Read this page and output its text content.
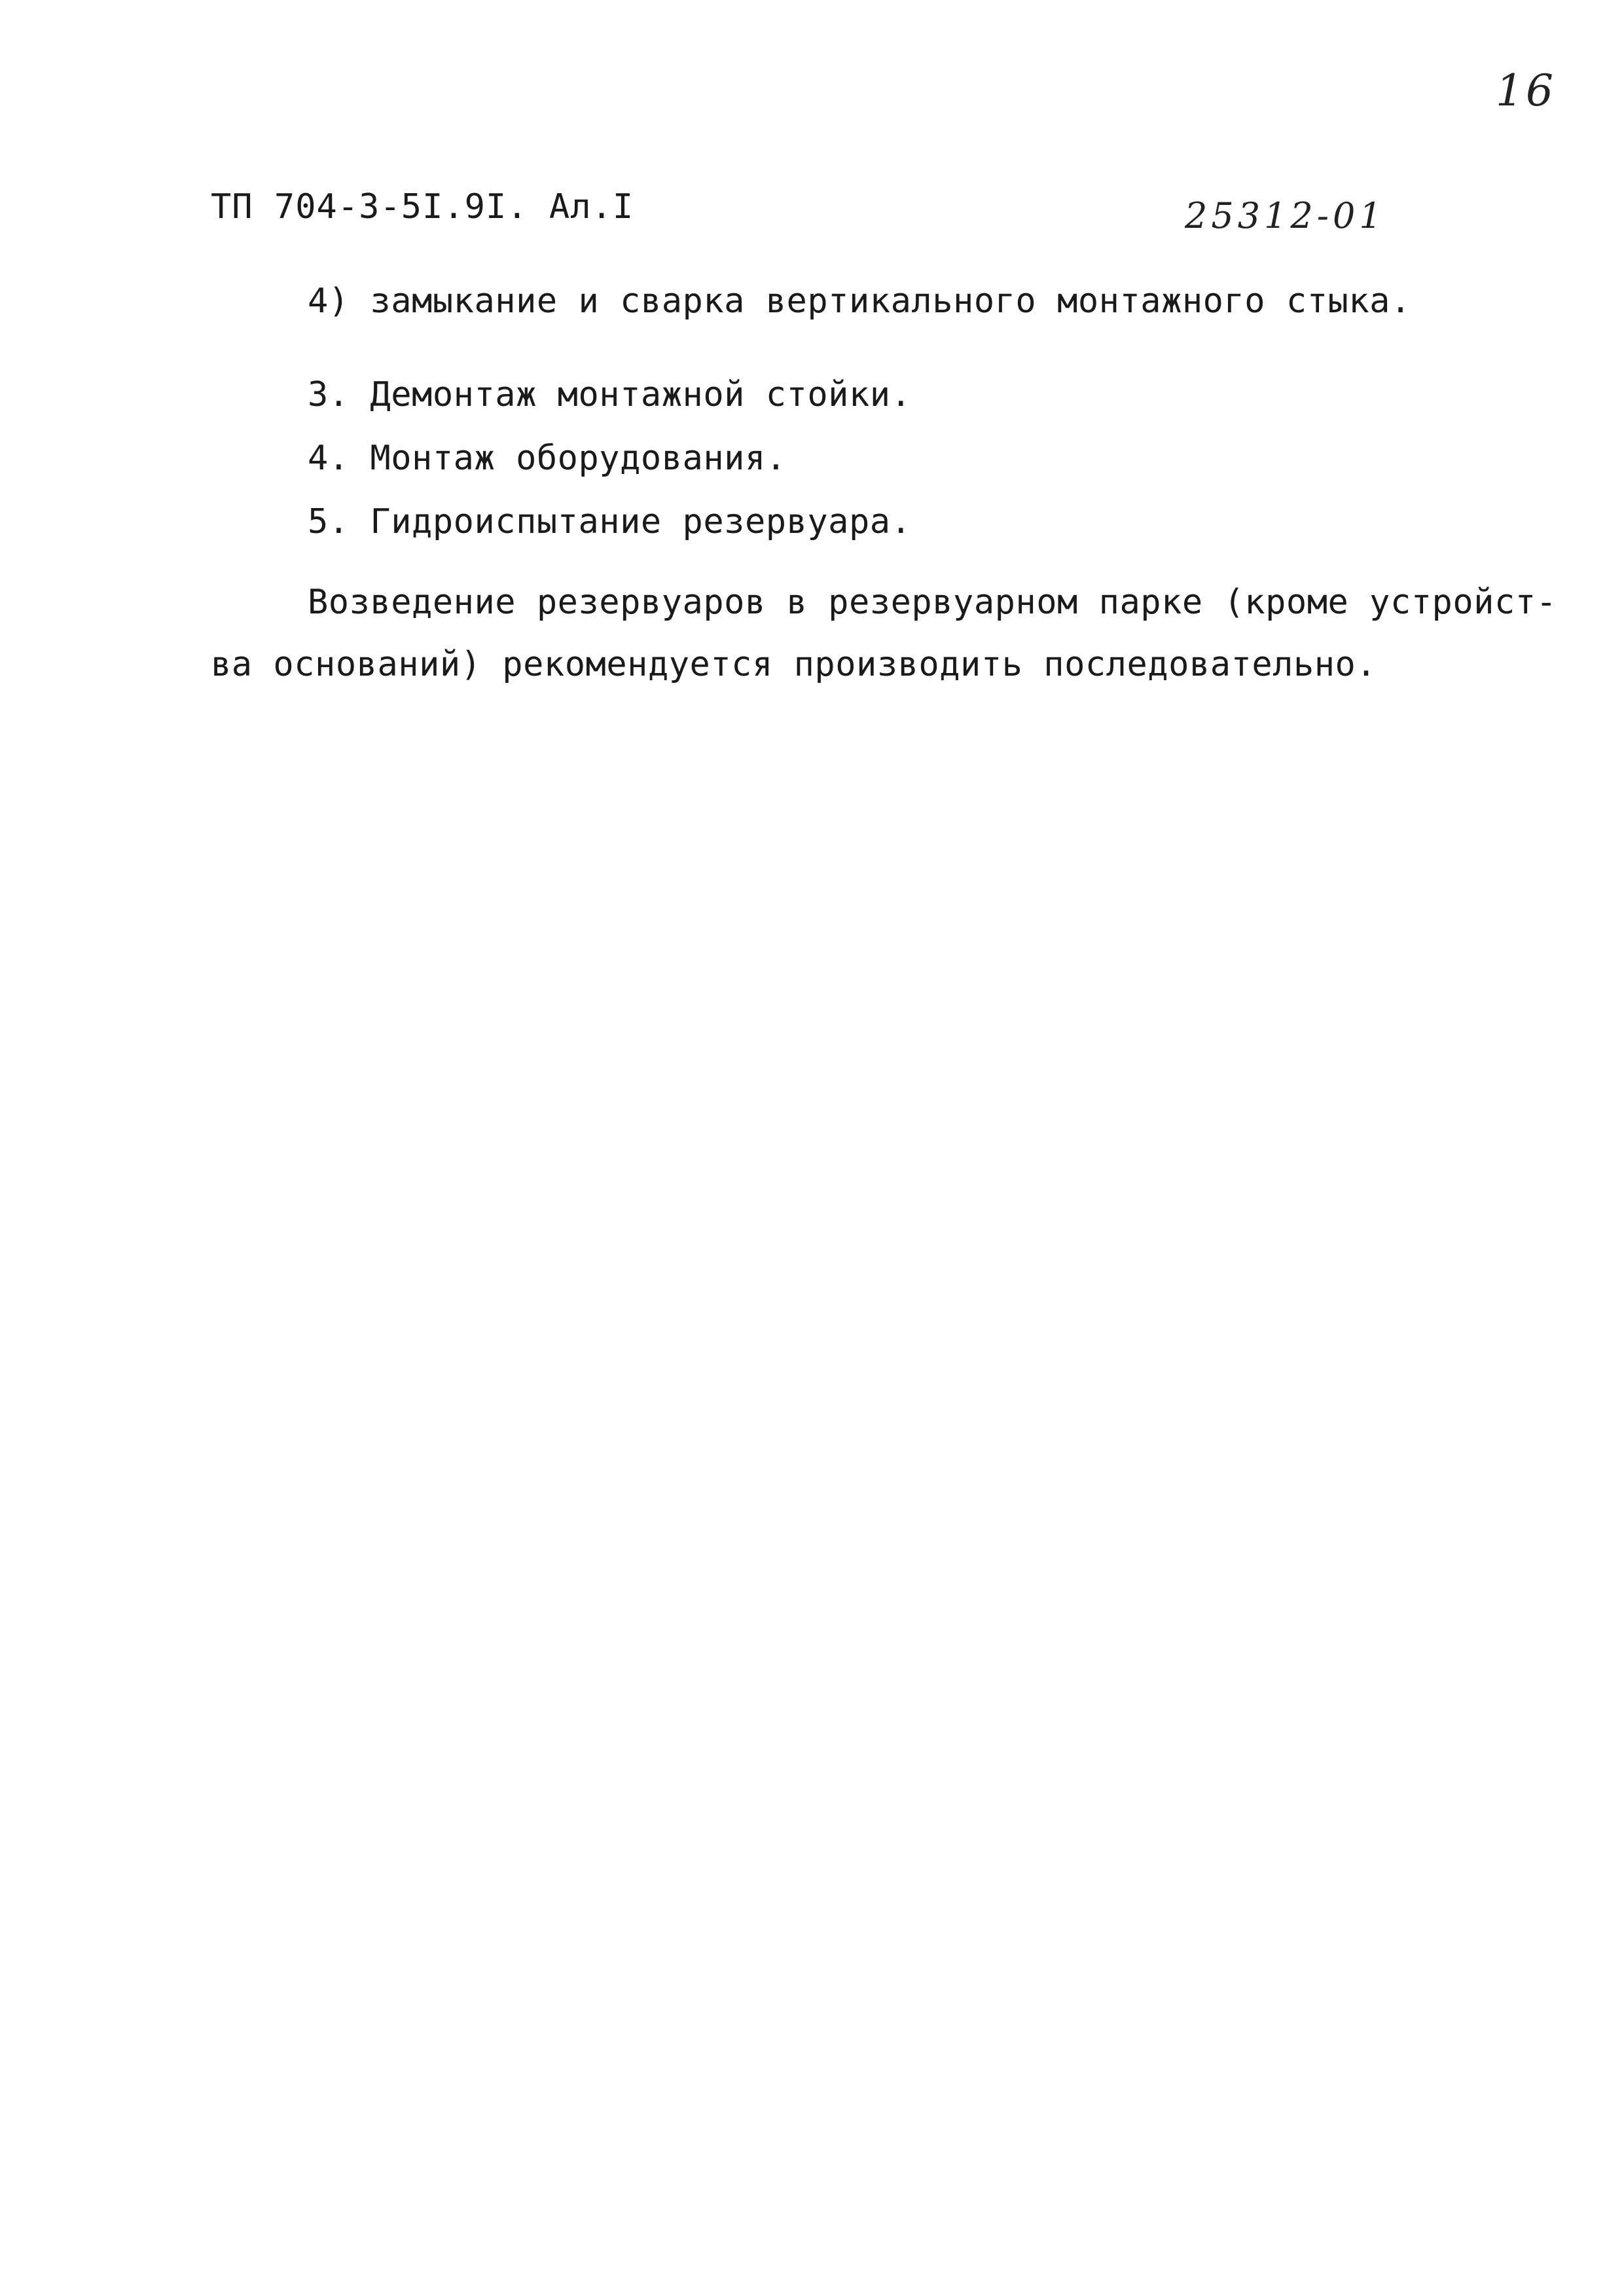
16
ТП 704-3-5I.9I. Ал.I	25312-01
4) замыкание и сварка вертикального монтажного стыка.
3. Демонтаж монтажной стойки.
4. Монтаж оборудования.
5. Гидроиспытание резервуара.
Возведение резервуаров в резервуарном парке (кроме устройст-
ва оснований) рекомендуется производить последовательно.
